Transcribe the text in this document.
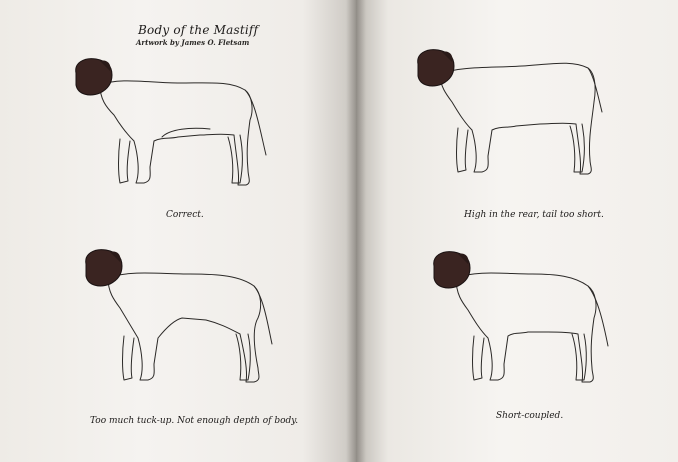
Body of the Mastiff
Artwork by James O. Fletsam
Correct.	High in the rear, tail too short.
Too much tuck-up. Not enough depth of body.	Short-coupled.
